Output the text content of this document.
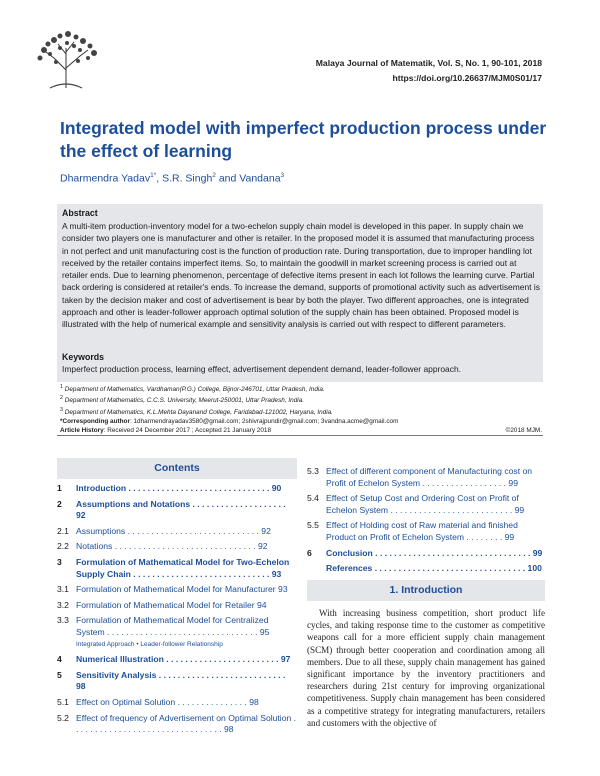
Malaya Journal of Matematik, Vol. S, No. 1, 90-101, 2018
https://doi.org/10.26637/MJM0S01/17
Integrated model with imperfect production process under the effect of learning
Dharmendra Yadav$^{1*}$, S.R. Singh$^2$ and Vandana$^3$
Abstract
A multi-item production-inventory model for a two-echelon supply chain model is developed in this paper. In supply chain we consider two players one is manufacturer and other is retailer. In the proposed model it is assumed that manufacturing process in not perfect and unit manufacturing cost is the function of production rate. During transportation, due to improper handling lot received by the retailer contains imperfect items. So, to maintain the goodwill in market screening process is carried out at retailer ends. Due to learning phenomenon, percentage of defective items present in each lot follows the learning curve. Partial back ordering is considered at retailer's ends. To increase the demand, supports of promotional activity such as advertisement is taken by the decision maker and cost of advertisement is bear by both the player. Two different approaches, one is integrated approach and other is leader-follower approach optimal solution of the supply chain has been obtained. Proposed model is illustrated with the help of numerical example and sensitivity analysis is carried out with respect to different parameters.
Keywords
Imperfect production process, learning effect, advertisement dependent demand, leader-follower approach.
$^1$ Department of Mathematics, Vardhaman(P.G.) College, Bijnor-246701, Uttar Pradesh, India.
$^2$ Department of Mathematics, C.C.S. University, Meerut-250001, Uttar Pradesh, India.
$^3$ Department of Mathematics, K.L.Mehta Dayanand College, Faridabad-121002, Haryana, India.
*Corresponding author: 1dharmendrayadav3580@gmail.com; 2shivrajpundir@gmail.com; 3vandna.acme@gmail.com
Article History: Received 24 December 2017 ; Accepted 21 January 2018	©2018 MJM.
Contents
1 Introduction . . . . . . . . . . . . . . . . . . . . . . . . . . . . . . 90
2 Assumptions and Notations . . . . . . . . . . . . . . . . . . . . 92
2.1 Assumptions . . . . . . . . . . . . . . . . . . . . . . . . . . . . 92
2.2 Notations . . . . . . . . . . . . . . . . . . . . . . . . . . . . . . 92
3 Formulation of Mathematical Model for Two-Echelon Supply Chain . . . . . . . . . . . . . . . . . . . . . . . . . . . . . 93
3.1 Formulation of Mathematical Model for Manufacturer 93
3.2 Formulation of Mathematical Model for Retailer 94
3.3 Formulation of Mathematical Model for Centralized System . . . . . . . . . . . . . . . . . . . . . . . . . . . . . . . . 95
Integrated Approach • Leader-follower Relationship
4 Numerical Illustration . . . . . . . . . . . . . . . . . . . . . . . . 97
5 Sensitivity Analysis . . . . . . . . . . . . . . . . . . . . . . . . . . . 98
5.1 Effect on Optimal Solution . . . . . . . . . . . . . . . 98
5.2 Effect of frequency of Advertisement on Optimal Solution . . . . . . . . . . . . . . . . . . . . . . . . . . . . . . . . 98
5.3 Effect of different component of Manufacturing cost on Profit of Echelon System . . . . . . . . . . . . . . . . . . 99
5.4 Effect of Setup Cost and Ordering Cost on Profit of Echelon System . . . . . . . . . . . . . . . . . . . . . . . . . . 99
5.5 Effect of Holding cost of Raw material and finished Product on Profit of Echelon System . . . . . . . . 99
6 Conclusion . . . . . . . . . . . . . . . . . . . . . . . . . . . . . . . . . 99
References . . . . . . . . . . . . . . . . . . . . . . . . . . . . . . . . 100
1. Introduction
With increasing business competition, short product life cycles, and taking response time to the customer as competitive weapons call for a more efficient supply chain management (SCM) through better cooperation and coordination among all members. Due to all these, supply chain management has gained significant importance by the inventory practitioners and researchers during 21st century for improving organizational competitiveness. Supply chain management has been considered as a competitive strategy for integrating manufacturers, retailers and customers with the objective of
